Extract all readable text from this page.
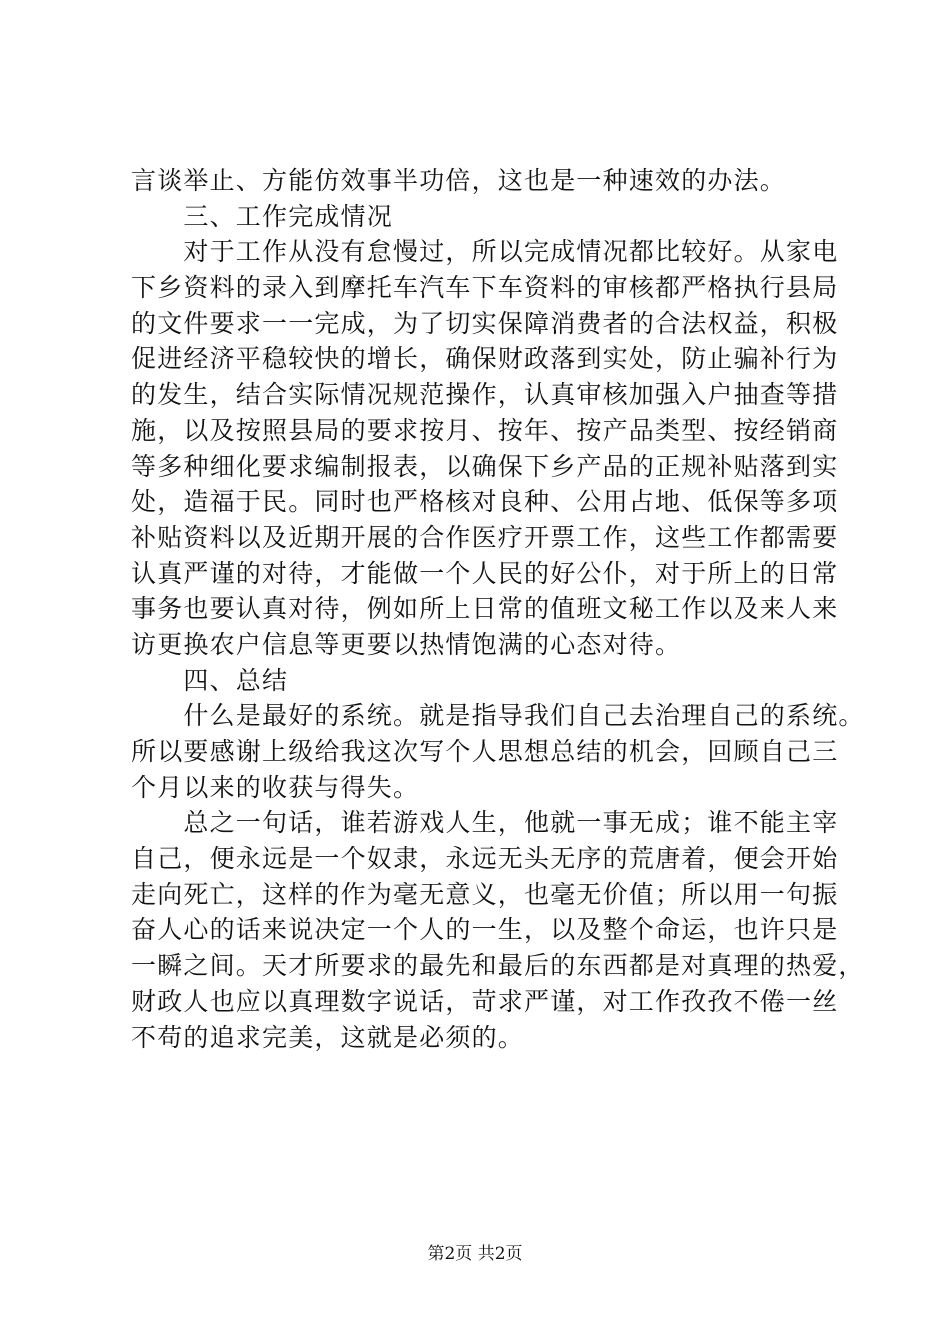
言谈举止、方能仿效事半功倍，这也是一种速效的办法。
　　三、工作完成情况
　　对于工作从没有怠慢过，所以完成情况都比较好。从家电
下乡资料的录入到摩托车汽车下车资料的审核都严格执行县局
的文件要求一一完成，为了切实保障消费者的合法权益，积极
促进经济平稳较快的增长，确保财政落到实处，防止骗补行为
的发生，结合实际情况规范操作，认真审核加强入户抽查等措
施，以及按照县局的要求按月、按年、按产品类型、按经销商
等多种细化要求编制报表，以确保下乡产品的正规补贴落到实
处，造福于民。同时也严格核对良种、公用占地、低保等多项
补贴资料以及近期开展的合作医疗开票工作，这些工作都需要
认真严谨的对待，才能做一个人民的好公仆，对于所上的日常
事务也要认真对待，例如所上日常的值班文秘工作以及来人来
访更换农户信息等更要以热情饱满的心态对待。
　　四、总结
　　什么是最好的系统。就是指导我们自己去治理自己的系统。
所以要感谢上级给我这次写个人思想总结的机会，回顾自己三
个月以来的收获与得失。
　　总之一句话，谁若游戏人生，他就一事无成；谁不能主宰
自己，便永远是一个奴隶，永远无头无序的荒唐着，便会开始
走向死亡，这样的作为毫无意义，也毫无价值；所以用一句振
奋人心的话来说决定一个人的一生，以及整个命运，也许只是
一瞬之间。天才所要求的最先和最后的东西都是对真理的热爱，
财政人也应以真理数字说话，苛求严谨，对工作孜孜不倦一丝
不苟的追求完美，这就是必须的。
第2页 共2页
